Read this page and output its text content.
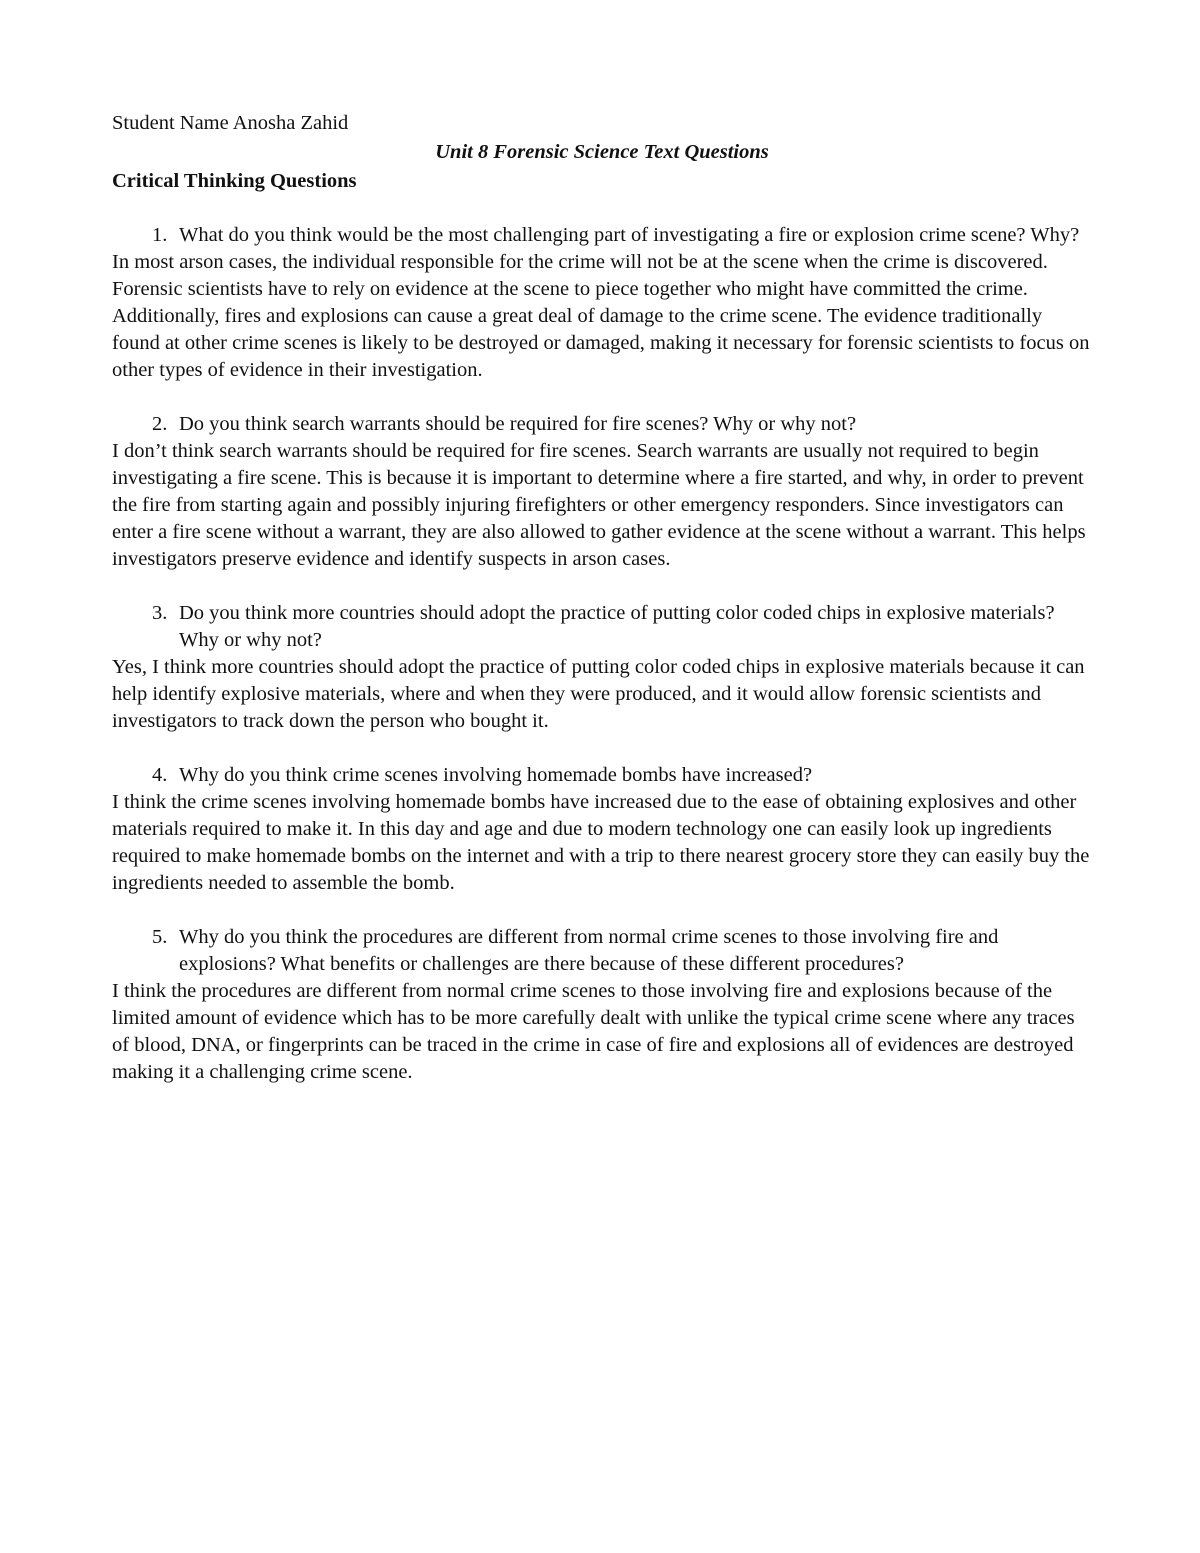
Student Name Anosha Zahid

Unit 8 Forensic Science Text Questions
Critical Thinking Questions

1. What do you think would be the most challenging part of investigating a fire or explosion crime scene? Why?

In most arson cases, the individual responsible for the crime will not be at the scene when the crime is discovered. Forensic scientists have to rely on evidence at the scene to piece together who might have committed the crime. Additionally, fires and explosions can cause a great deal of damage to the crime scene. The evidence traditionally found at other crime scenes is likely to be destroyed or damaged, making it necessary for forensic scientists to focus on other types of evidence in their investigation.

2. Do you think search warrants should be required for fire scenes? Why or why not?

I don’t think search warrants should be required for fire scenes. Search warrants are usually not required to begin investigating a fire scene. This is because it is important to determine where a fire started, and why, in order to prevent the fire from starting again and possibly injuring firefighters or other emergency responders. Since investigators can enter a fire scene without a warrant, they are also allowed to gather evidence at the scene without a warrant. This helps investigators preserve evidence and identify suspects in arson cases.

3. Do you think more countries should adopt the practice of putting color coded chips in explosive materials? Why or why not?

Yes, I think more countries should adopt the practice of putting color coded chips in explosive materials because it can help identify explosive materials, where and when they were produced, and it would allow forensic scientists and investigators to track down the person who bought it.

4. Why do you think crime scenes involving homemade bombs have increased?

I think the crime scenes involving homemade bombs have increased due to the ease of obtaining explosives and other materials required to make it. In this day and age and due to modern technology one can easily look up ingredients required to make homemade bombs on the internet and with a trip to there nearest grocery store they can easily buy the ingredients needed to assemble the bomb.

5. Why do you think the procedures are different from normal crime scenes to those involving fire and explosions? What benefits or challenges are there because of these different procedures?

I think the procedures are different from normal crime scenes to those involving fire and explosions because of the limited amount of evidence which has to be more carefully dealt with unlike the typical crime scene where any traces of blood, DNA, or fingerprints can be traced in the crime in case of fire and explosions all of evidences are destroyed making it a challenging crime scene.
